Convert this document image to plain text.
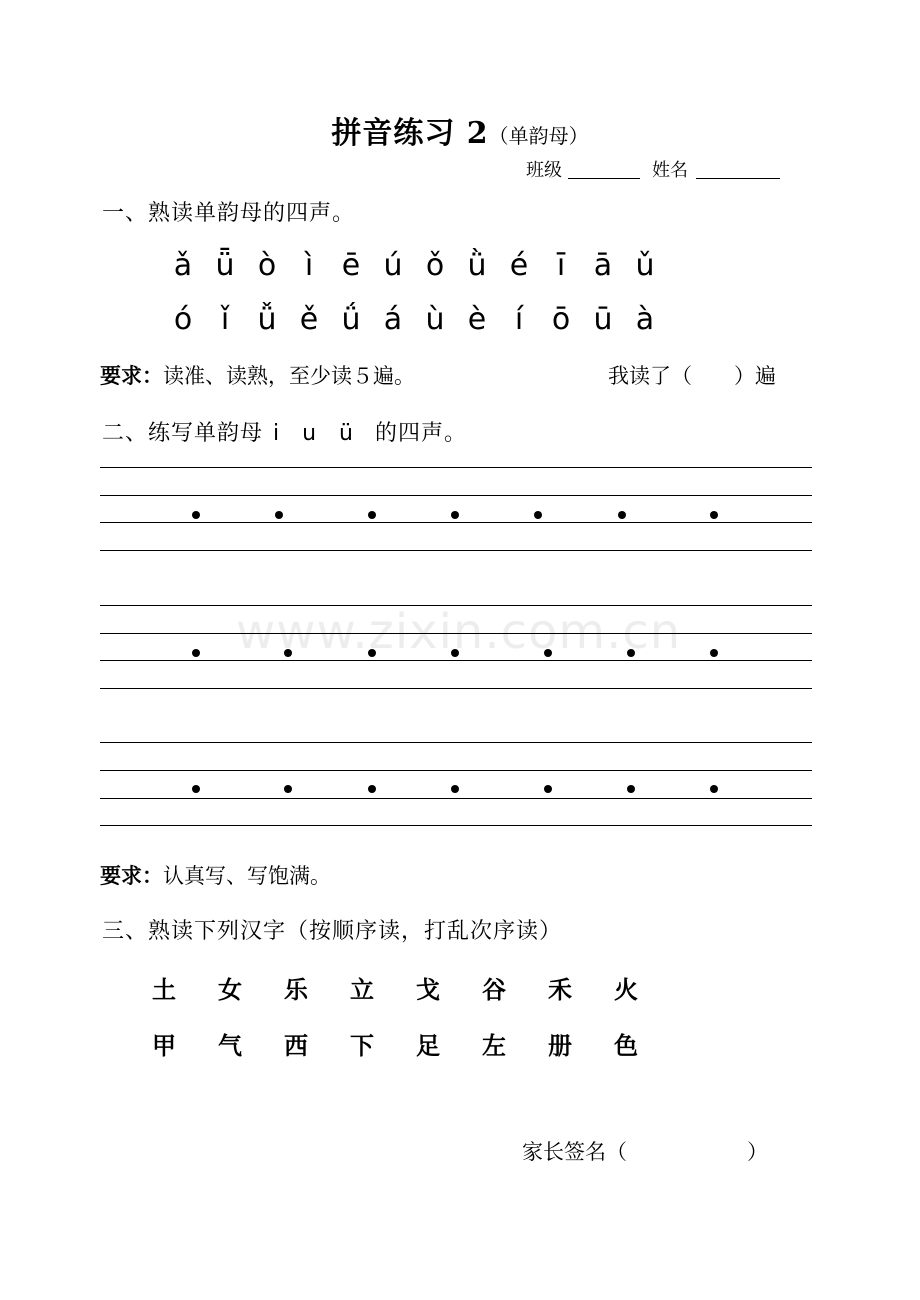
拼音练习 2（单韵母）
班级	姓名
一、熟读单韵母的四声。
ǎ ǖ ò ì ē ú ǒ ǜ é ī ā ǔ
ó ǐ ǚ ě ǘ á ù è í ō ū à
要求：读准、读熟，至少读５遍。	我读了（　　）遍
二、练写单韵母 i u ü 的四声。
www.zixin.com.cn
要求：认真写、写饱满。
三、熟读下列汉字（按顺序读，打乱次序读）
土 女 乐 立 戈 谷 禾 火
甲 气 西 下 足 左 册 色
家长签名（	）
